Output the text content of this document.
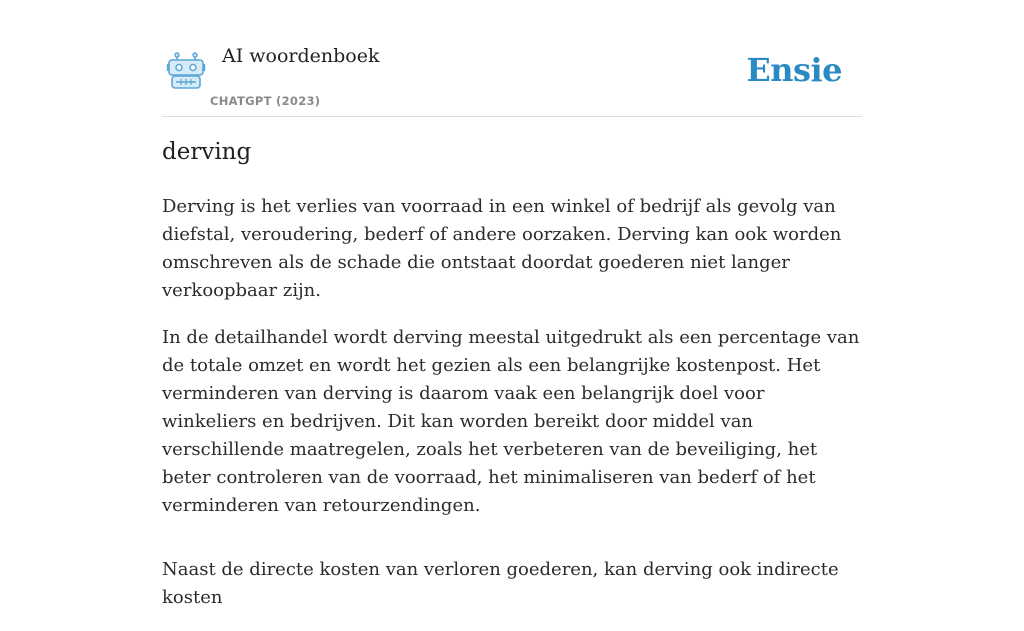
AI woordenboek
CHATGPT (2023)
Ensie
derving

Derving is het verlies van voorraad in een winkel of bedrijf als gevolg van diefstal, veroudering, bederf of andere oorzaken. Derving kan ook worden omschreven als de schade die ontstaat doordat goederen niet langer verkoopbaar zijn.

In de detailhandel wordt derving meestal uitgedrukt als een percentage van de totale omzet en wordt het gezien als een belangrijke kostenpost. Het verminderen van derving is daarom vaak een belangrijk doel voor winkeliers en bedrijven. Dit kan worden bereikt door middel van verschillende maatregelen, zoals het verbeteren van de beveiliging, het beter controleren van de voorraad, het minimaliseren van bederf of het verminderen van retourzendingen.

Naast de directe kosten van verloren goederen, kan derving ook indirecte kosten
